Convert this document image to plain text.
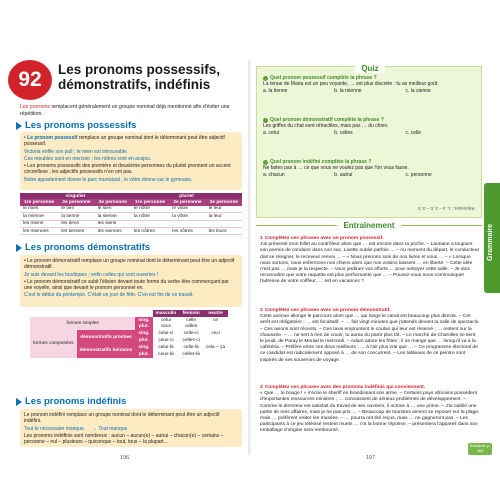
92	Les pronoms possessifs, démonstratifs, indéfinis
Les pronoms remplacent généralement un groupe nominal déjà mentionné afin d'éviter une répétition.
Les pronoms possessifs

• Le pronom possessif remplace un groupe nominal dont le déterminant peut être adjectif possessif.

Victoria enfile son pull ; le mien est introuvable.

Ces meubles sont en merisier ; les nôtres sont en acajou.

• Les pronoms possessifs des première et deuxième personnes du pluriel prennent un accent circonflexe ; les adjectifs possessifs n'en ont pas.

Notre appartement donne le parc municipal ; le vôtre donne sur le gymnase.

singulier			pluriel		
1re personne	2e personne	3e personne	1re personne	2e personne	3e personne
le mien	le tien	le sien	le nôtre	le vôtre	le leur
la mienne	la tienne	la sienne	la nôtre	la vôtre	la leur
les miens	les tiens	les siens			
les miennes	les tiennes	les siennes	les nôtres	les vôtres	les leurs
Les pronoms démonstratifs

• Le pronom démonstratif remplace un groupe nominal dont le déterminant peut être un adjectif démonstratif.

Je suis devant les boutiques ; enfin celles qui sont ouvertes !

• Le pronom démonstratif ce subit l'élision devant toute forme du verbe être commençant par une voyelle, ainsi que devant le pronom personnel en.

C'est le début du printemps. C'était un jour de fête. C'en est fini de ce travail.

			masculin	féminin	neutre
formes simples		sing.	celui	celle	ce
		plur.	ceux	celles	
formes composées	démonstratifs proches	sing.	celui-ci	celle-ci	ceci
		plur.	ceux-ci	celles-ci	
	démonstratifs lointains	sing.	celui-là	celle-là	cela – ça
		plur.	ceux-là	celles-là	
Les pronoms indéfinis

Le pronom indéfini remplace un groupe nominal dont le déterminant peut être un adjectif indéfini.

Tout le nécessaire manque. → Tout manque.

Les pronoms indéfinis sont nombreux : aucun – aucun(e) – autrui – chacun(e) – certains – personne – nul – plusieurs – quiconque – tout, tous – la plupart...

196
Quiz
Quel pronom possessif complète la phrase ?
La tenue de Maria est un peu voyante, … est plus discrète : tu as meilleur goût.
a. la tienne	b. la mienne	c. la sienne
Quel pronom démonstratif complète la phrase ?
Les griffes du chat sont rétractiles, mais pas … du chien.
a. celui	b. celles	c. celle
Quel pronom indéfini complète la phrase ?
Ne faites pas à … ce que vous ne voulez pas que l'on vous fasse.
a. chacun	b. autrui	c. personne
Réponses : 1. a – 2. b – 3. b
Entraînement
1 Complétez ces phrases avec un pronom possessif.
J'ai présenté mon billet au contrôleur alors que … est encore dans ta poche. – Lauriane a toujours son permis de conduire dans son sac, Lisette oublie parfois … – Au moment du départ, le conducteur doit se résigner, le receveur renvoi … – « Nous prenons soin de nos livres et vous … – « Lorsque nous sortons, nous enfermons nos chiens alors que nos voisins laissent … en liberté. – Cette idée n'est pas … mais je la respecte. – Vous jardinez vos efforts … pour nettoyer cette salle. – Je dois reconnaître que votre raquette est plus performante que … – Pouvez-vous nous communiquer l'adresse de votre coiffeur, … est en vacances ?
2 Complétez ces phrases avec un pronom démonstratif.
Cette avenue allonge le parcours alors que … qui longe le canal est beaucoup plus directe. – Cet arrêt est obligatoire ; … est facultatif. – … fait vingt minutes que j'attends devant la salle de spectacle. – Ces avions sont récents. – Ces taxis empruntent le couloir qui leur est réservé ; … restent sur la chaussée. – … ne sert à rien de courir, tu auras du partir plus tôt. – Le marché de Charolles se tient le jeudi, de Paray le Monial le mercredi. – Adam adore les frites ; il ne mange que … lorsqu'il va à la cafétéria. – Préfère entre ces deux meilleurs ; … à l'air plus vrai que … – Ce programme électoral de ce candidat est radicalement opposé à … de son concurrent. – Les tableaux de ce peintre sont inspirés de ses souvenirs de voyage.
3 Complétez ces phrases avec des pronoms indéfinis qui conviennent.
« Que … le bouge ! » s'écrie le sheriff en brandissant son arme. – Certains pays africains possèdent d'importantes ressources minières ; … connaissent de sérieux problèmes de développement. – Comme le directeur est satisfait du travail de ses ouvriers, il octroie à … une prime. – J'ai oublié une partie de mes affaires, mais je ne pas pris … – Beaucoup de touristes aiment se reposer sur la plage, mais … préfèrent visiter les musées. – … pourra ont été reçus, mais … ne gagneront pas. – Les participants à ce jeu télévisé restent muets … n'a la bonne réponse. – présentera l'appareil dans son emballage d'origine sera remboursé.
197
Grammaire
Solutions p. 368
